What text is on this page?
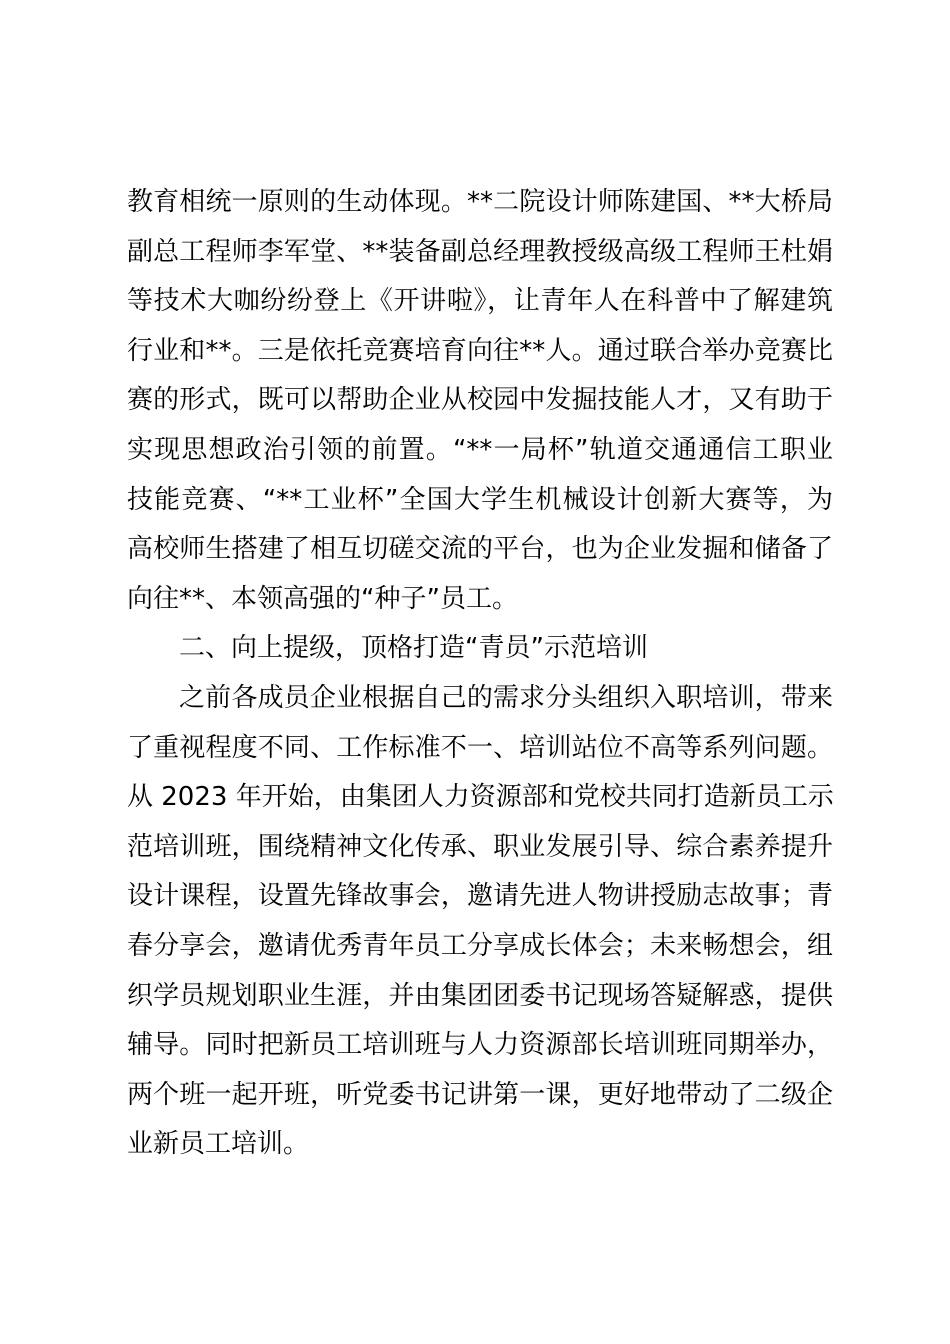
教育相统一原则的生动体现。**二院设计师陈建国、**大桥局
副总工程师李军堂、**装备副总经理教授级高级工程师王杜娟
等技术大咖纷纷登上《开讲啦》，让青年人在科普中了解建筑
行业和**。三是依托竞赛培育向往**人。通过联合举办竞赛比
赛的形式，既可以帮助企业从校园中发掘技能人才，又有助于
实现思想政治引领的前置。“**一局杯”轨道交通通信工职业
技能竞赛、“**工业杯”全国大学生机械设计创新大赛等，为
高校师生搭建了相互切磋交流的平台，也为企业发掘和储备了
向往**、本领高强的“种子”员工。
二、向上提级，顶格打造“青员”示范培训
之前各成员企业根据自己的需求分头组织入职培训，带来
了重视程度不同、工作标准不一、培训站位不高等系列问题。
从 2023 年开始，由集团人力资源部和党校共同打造新员工示
范培训班，围绕精神文化传承、职业发展引导、综合素养提升
设计课程，设置先锋故事会，邀请先进人物讲授励志故事；青
春分享会，邀请优秀青年员工分享成长体会；未来畅想会，组
织学员规划职业生涯，并由集团团委书记现场答疑解惑，提供
辅导。同时把新员工培训班与人力资源部长培训班同期举办，
两个班一起开班，听党委书记讲第一课，更好地带动了二级企
业新员工培训。
